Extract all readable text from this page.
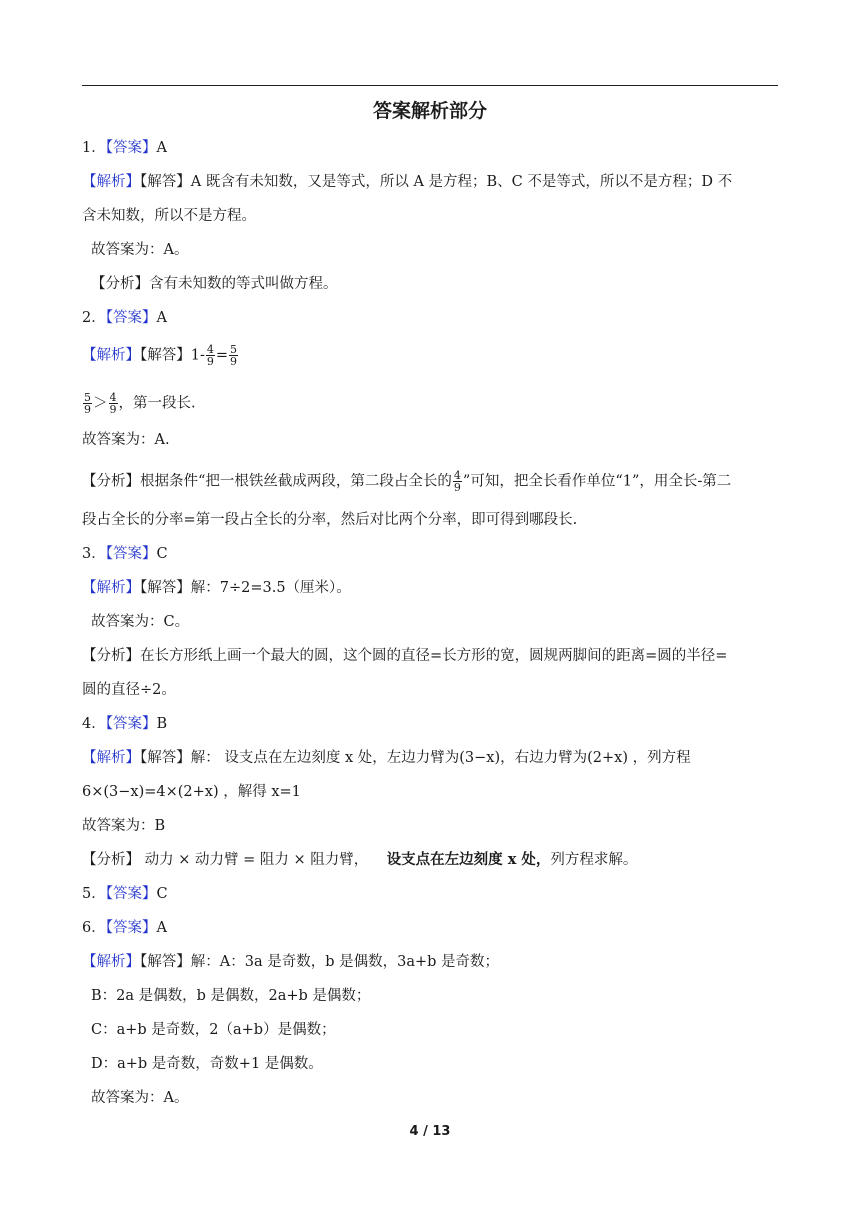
答案解析部分
1．【答案】A
【解析】【解答】A 既含有未知数，又是等式，所以 A 是方程；B、C 不是等式，所以不是方程；D 不
含未知数，所以不是方程。
故答案为：A。
【分析】含有未知数的等式叫做方程。
2．【答案】A
【解析】【解答】$1- \frac{4}{9} = \frac{5}{9}$
$\frac{5}{9} > \frac{4}{9}$ ，第一段长.
故答案为：A.
【分析】根据条件“把一根铁丝截成两段，第二段占全长的 $\frac{4}{9}$ ”可知，把全长看作单位“1”，用全长-第二
段占全长的分率=第一段占全长的分率，然后对比两个分率，即可得到哪段长.
3．【答案】C
【解析】【解答】解：7÷2=3.5（厘米）。
故答案为：C。
【分析】在长方形纸上画一个最大的圆，这个圆的直径=长方形的宽，圆规两脚间的距离=圆的半径=
圆的直径÷2。
4．【答案】B
【解析】【解答】解： 设支点在左边刻度 x 处，左边力臂为(3−x)，右边力臂为(2+x) ，列方程
6×(3−x)=4×(2+x) ，解得 x=1
故答案为：B
【分析】 动力 × 动力臂 = 阻力 × 阻力臂，    设支点在左边刻度 x 处，列方程求解。
5．【答案】C
6．【答案】A
【解析】【解答】解：A：3a 是奇数，b 是偶数，3a+b 是奇数；
B：2a 是偶数，b 是偶数，2a+b 是偶数；
C：a+b 是奇数，2（a+b）是偶数；
D：a+b 是奇数，奇数+1 是偶数。
故答案为：A。
4 / 13
